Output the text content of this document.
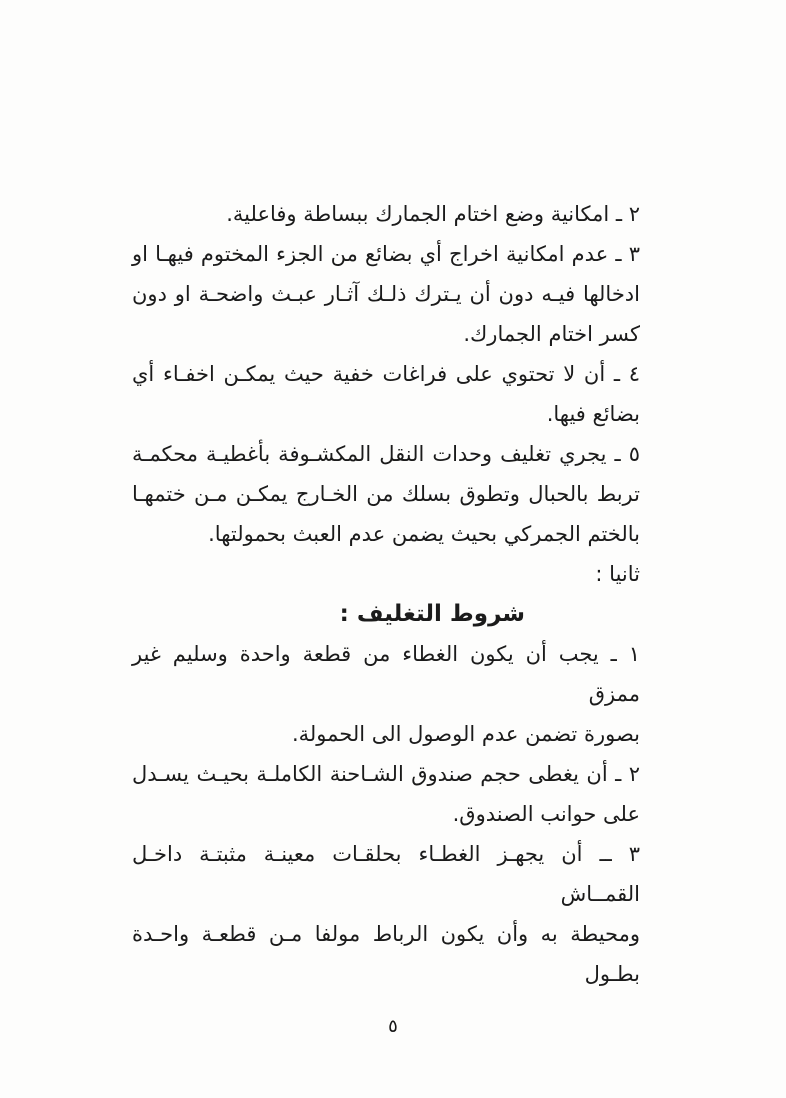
٢ ـ امكانية وضع اختام الجمارك ببساطة وفاعلية.
٣ ـ عدم امكانية اخراج أي بضائع من الجزء المختوم فيهـا او
ادخالها فيـه دون أن يـترك ذلـك آثـار عبـث واضحـة او دون
كسر اختام الجمارك.
٤ ـ أن لا تحتوي على فراغات خفية حيث يمكـن اخفـاء أي
بضائع فيها.
٥ ـ يجري تغليف وحدات النقل المكشـوفة بأغطيـة محكمـة
تربط بالحبال وتطوق بسلك من الخـارج يمكـن مـن ختمهـا
بالختم الجمركي بحيث يضمن عدم العبث بحمولتها.
ثانيا :
شروط التغليف :
١ ـ يجب أن يكون الغطاء من قطعة واحدة وسليم غير ممزق
بصورة تضمن عدم الوصول الى الحمولة.
٢ ـ أن يغطى حجم صندوق الشـاحنة الكاملـة بحيـث يسـدل
على حوانب الصندوق.
٣ ــ أن يجهـز الغطـاء بحلقـات معينـة مثبتـة داخـل القمــاش
ومحيطة به وأن يكون الرباط مولفا مـن قطعـة واحـدة بطـول
٥
